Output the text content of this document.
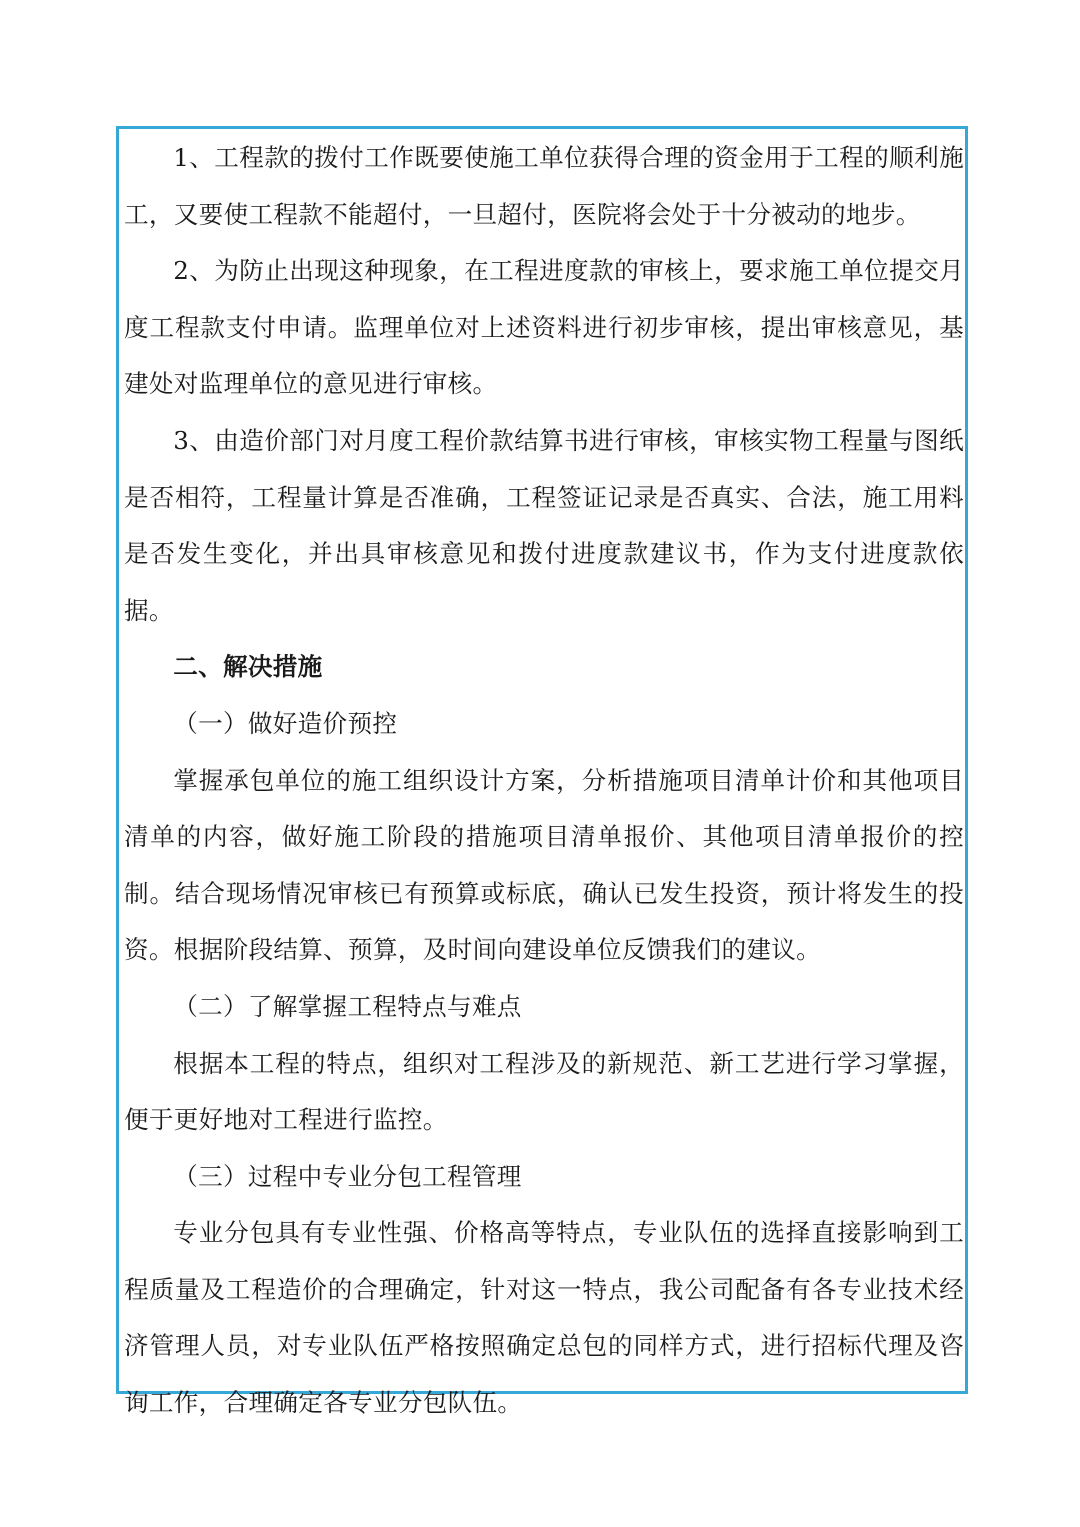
1、工程款的拨付工作既要使施工单位获得合理的资金用于工程的顺利施工，又要使工程款不能超付，一旦超付，医院将会处于十分被动的地步。

2、为防止出现这种现象，在工程进度款的审核上，要求施工单位提交月度工程款支付申请。监理单位对上述资料进行初步审核，提出审核意见，基建处对监理单位的意见进行审核。

3、由造价部门对月度工程价款结算书进行审核，审核实物工程量与图纸是否相符，工程量计算是否准确，工程签证记录是否真实、合法，施工用料是否发生变化，并出具审核意见和拨付进度款建议书，作为支付进度款依据。

二、解决措施

（一）做好造价预控

掌握承包单位的施工组织设计方案，分析措施项目清单计价和其他项目清单的内容，做好施工阶段的措施项目清单报价、其他项目清单报价的控制。结合现场情况审核已有预算或标底，确认已发生投资，预计将发生的投资。根据阶段结算、预算，及时间向建设单位反馈我们的建议。

（二）了解掌握工程特点与难点

根据本工程的特点，组织对工程涉及的新规范、新工艺进行学习掌握，便于更好地对工程进行监控。

（三）过程中专业分包工程管理

专业分包具有专业性强、价格高等特点，专业队伍的选择直接影响到工程质量及工程造价的合理确定，针对这一特点，我公司配备有各专业技术经济管理人员，对专业队伍严格按照确定总包的同样方式，进行招标代理及咨询工作，合理确定各专业分包队伍。
